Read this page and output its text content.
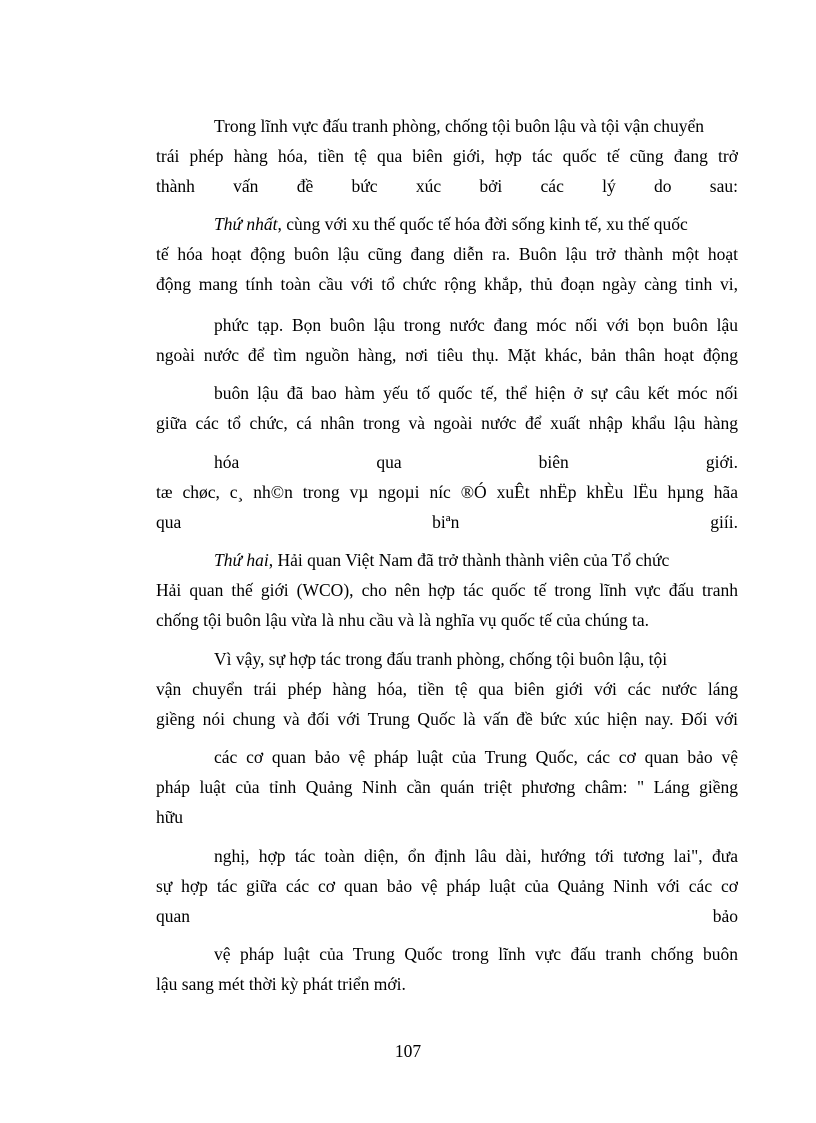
Trong lĩnh vực đấu tranh phòng, chống tội buôn lậu và tội vận chuyển
trái phép hàng hóa, tiền tệ qua biên giới, hợp tác quốc tế cũng đang trở
thành vấn đề bức xúc bởi các lý do sau:
Thứ nhất, cùng với xu thế quốc tế hóa đời sống kinh tế, xu thế quốc
tế hóa hoạt động buôn lậu cũng đang diễn ra. Buôn lậu trở thành một hoạt
động mang tính toàn cầu với tổ chức rộng khắp, thủ đoạn ngày càng tinh vi,
phức tạp. Bọn buôn lậu trong nước đang móc nối với bọn buôn lậu
ngoài nước để tìm nguồn hàng, nơi tiêu thụ. Mặt khác, bản thân hoạt động
buôn lậu đã bao hàm yếu tố quốc tế, thể hiện ở sự câu kết móc nối
giữa các tổ chức, cá nhân trong và ngoài nước để xuất nhập khẩu lậu hàng
hóa qua biên giới.
tæ chøc, c¸ nh©n trong vµ ngoµi níc ®Ó xuÊt nhËp khÈu lËu hµng hãa
qua biªn giíi.
Thứ hai, Hải quan Việt Nam đã trở thành thành viên của Tổ chức
Hải quan thế giới (WCO), cho nên hợp tác quốc tế trong lĩnh vực đấu tranh
chống tội buôn lậu vừa là nhu cầu và là nghĩa vụ quốc tế của chúng ta.
Vì vậy, sự hợp tác trong đấu tranh phòng, chống tội buôn lậu, tội
vận chuyển trái phép hàng hóa, tiền tệ qua biên giới với các nước láng
giềng nói chung và đối với Trung Quốc là vấn đề bức xúc hiện nay. Đối với
các cơ quan bảo vệ pháp luật của Trung Quốc, các cơ quan bảo vệ
pháp luật của tỉnh Quảng Ninh cần quán triệt phương châm: " Láng giềng
hữu
nghị, hợp tác toàn diện, ổn định lâu dài, hướng tới tương lai", đưa
sự hợp tác giữa các cơ quan bảo vệ pháp luật của Quảng Ninh với các cơ
quan bảo
vệ pháp luật của Trung Quốc trong lĩnh vực đấu tranh chống buôn
lậu sang mét thời kỳ phát triển mới.
107
